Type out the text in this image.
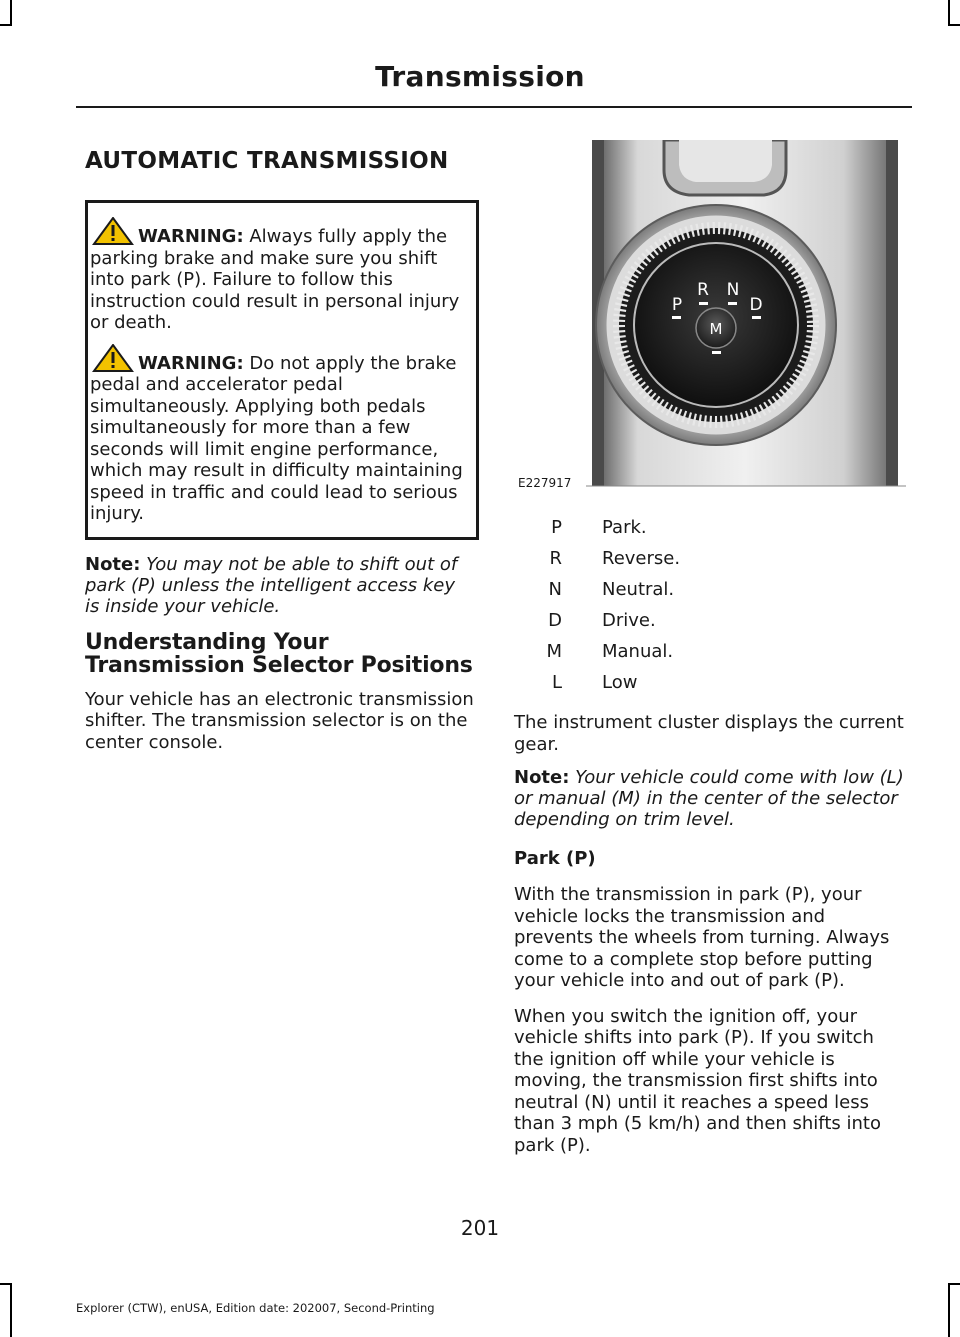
Transmission
AUTOMATIC TRANSMISSION

WARNING: Always fully apply the parking brake and make sure you shift into park (P). Failure to follow this instruction could result in personal injury or death.

WARNING: Do not apply the brake pedal and accelerator pedal simultaneously. Applying both pedals simultaneously for more than a few seconds will limit engine performance, which may result in difficulty maintaining speed in traffic and could lead to serious injury.

Note: You may not be able to shift out of park (P) unless the intelligent access key is inside your vehicle.
Understanding Your Transmission Selector Positions
Your vehicle has an electronic transmission shifter. The transmission selector is on the center console.
M
P
R N
D
E227917
P Park.
R Reverse.
N Neutral.
D Drive.
M Manual.
L Low
The instrument cluster displays the current gear.
Note: Your vehicle could come with low (L) or manual (M) in the center of the selector depending on trim level.
Park (P)
With the transmission in park (P), your vehicle locks the transmission and prevents the wheels from turning. Always come to a complete stop before putting your vehicle into and out of park (P).
When you switch the ignition off, your vehicle shifts into park (P). If you switch the ignition off while your vehicle is moving, the transmission first shifts into neutral (N) until it reaches a speed less than 3 mph (5 km/h) and then shifts into park (P).
201
Explorer (CTW), enUSA, Edition date: 202007, Second-Printing
